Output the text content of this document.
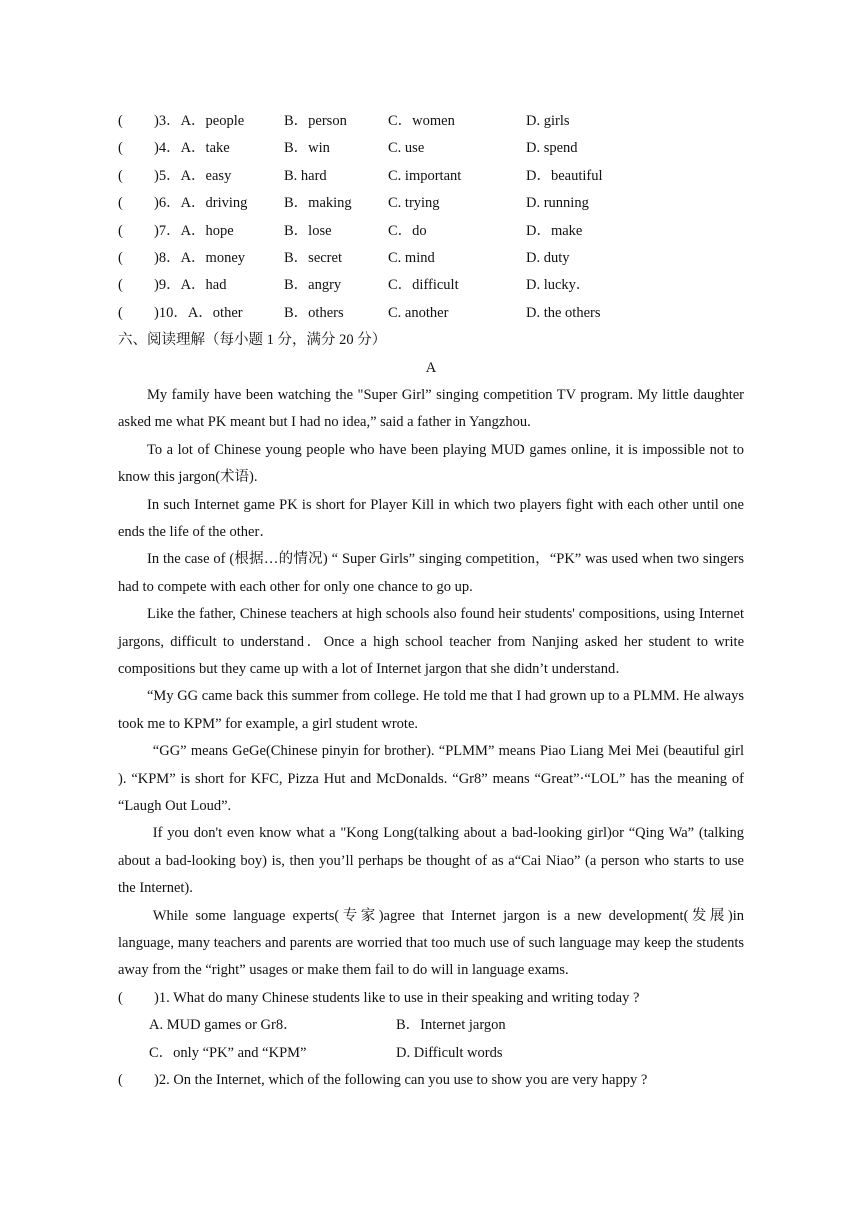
( )3．A．people	B．person	C．women	D. girls
( )4．A．take	B．win	C. use	D. spend
( )5．A．easy	B. hard	C. important	D．beautiful
( )6．A．driving	B．making	C. trying	D. running
( )7．A．hope	B．lose	C．do	D．make
( )8．A．money	B．secret	C. mind	D. duty
( )9．A．had	B．angry	C．difficult	D. lucky．
( )10．A．other	B．others	C. another	D. the others
六、阅读理解（每小题 1 分，满分 20 分）
A

My family have been watching the "Super Girl” singing competition TV program. My little daughter asked me what PK meant but I had no idea,” said a father in Yangzhou.

To a lot of Chinese young people who have been playing MUD games online, it is impossible not to know this jargon(术语).

In such Internet game PK is short for Player Kill in which two players fight with each other until one ends the life of the other．

In the case of (根据…的情况) “ Super Girls” singing competition，“PK” was used when two singers had to compete with each other for only one chance to go up.

Like the father, Chinese teachers at high schools also found heir students' compositions, using Internet jargons, difficult to understand．Once a high school teacher from Nanjing asked her student to write compositions but they came up with a lot of Internet jargon that she didn’t understand．

“My GG came back this summer from college. He told me that I had grown up to a PLMM. He always took me to KPM” for example, a girl student wrote.

“GG” means GeGe(Chinese pinyin for brother). “PLMM” means Piao Liang Mei Mei (beautiful girl ). “KPM” is short for KFC, Pizza Hut and McDonalds. “Gr8” means “Great”·“LOL” has the meaning of “Laugh Out Loud”.

If you don't even know what a "Kong Long(talking about a bad-looking girl)or “Qing Wa” (talking about a bad-looking boy) is, then you’ll perhaps be thought of as a“Cai Niao” (a person who starts to use the Internet).

While some language experts(专家)agree that Internet jargon is a new development(发展)in language, many teachers and parents are worried that too much use of such language may keep the students away from the “right” usages or make them fail to do will in language exams.

( )1. What do many Chinese students like to use in their speaking and writing today ?
A. MUD games or Gr8．	B．Internet jargon
C．only “PK” and “KPM”	D. Difficult words
( )2. On the Internet, which of the following can you use to show you are very happy ?
